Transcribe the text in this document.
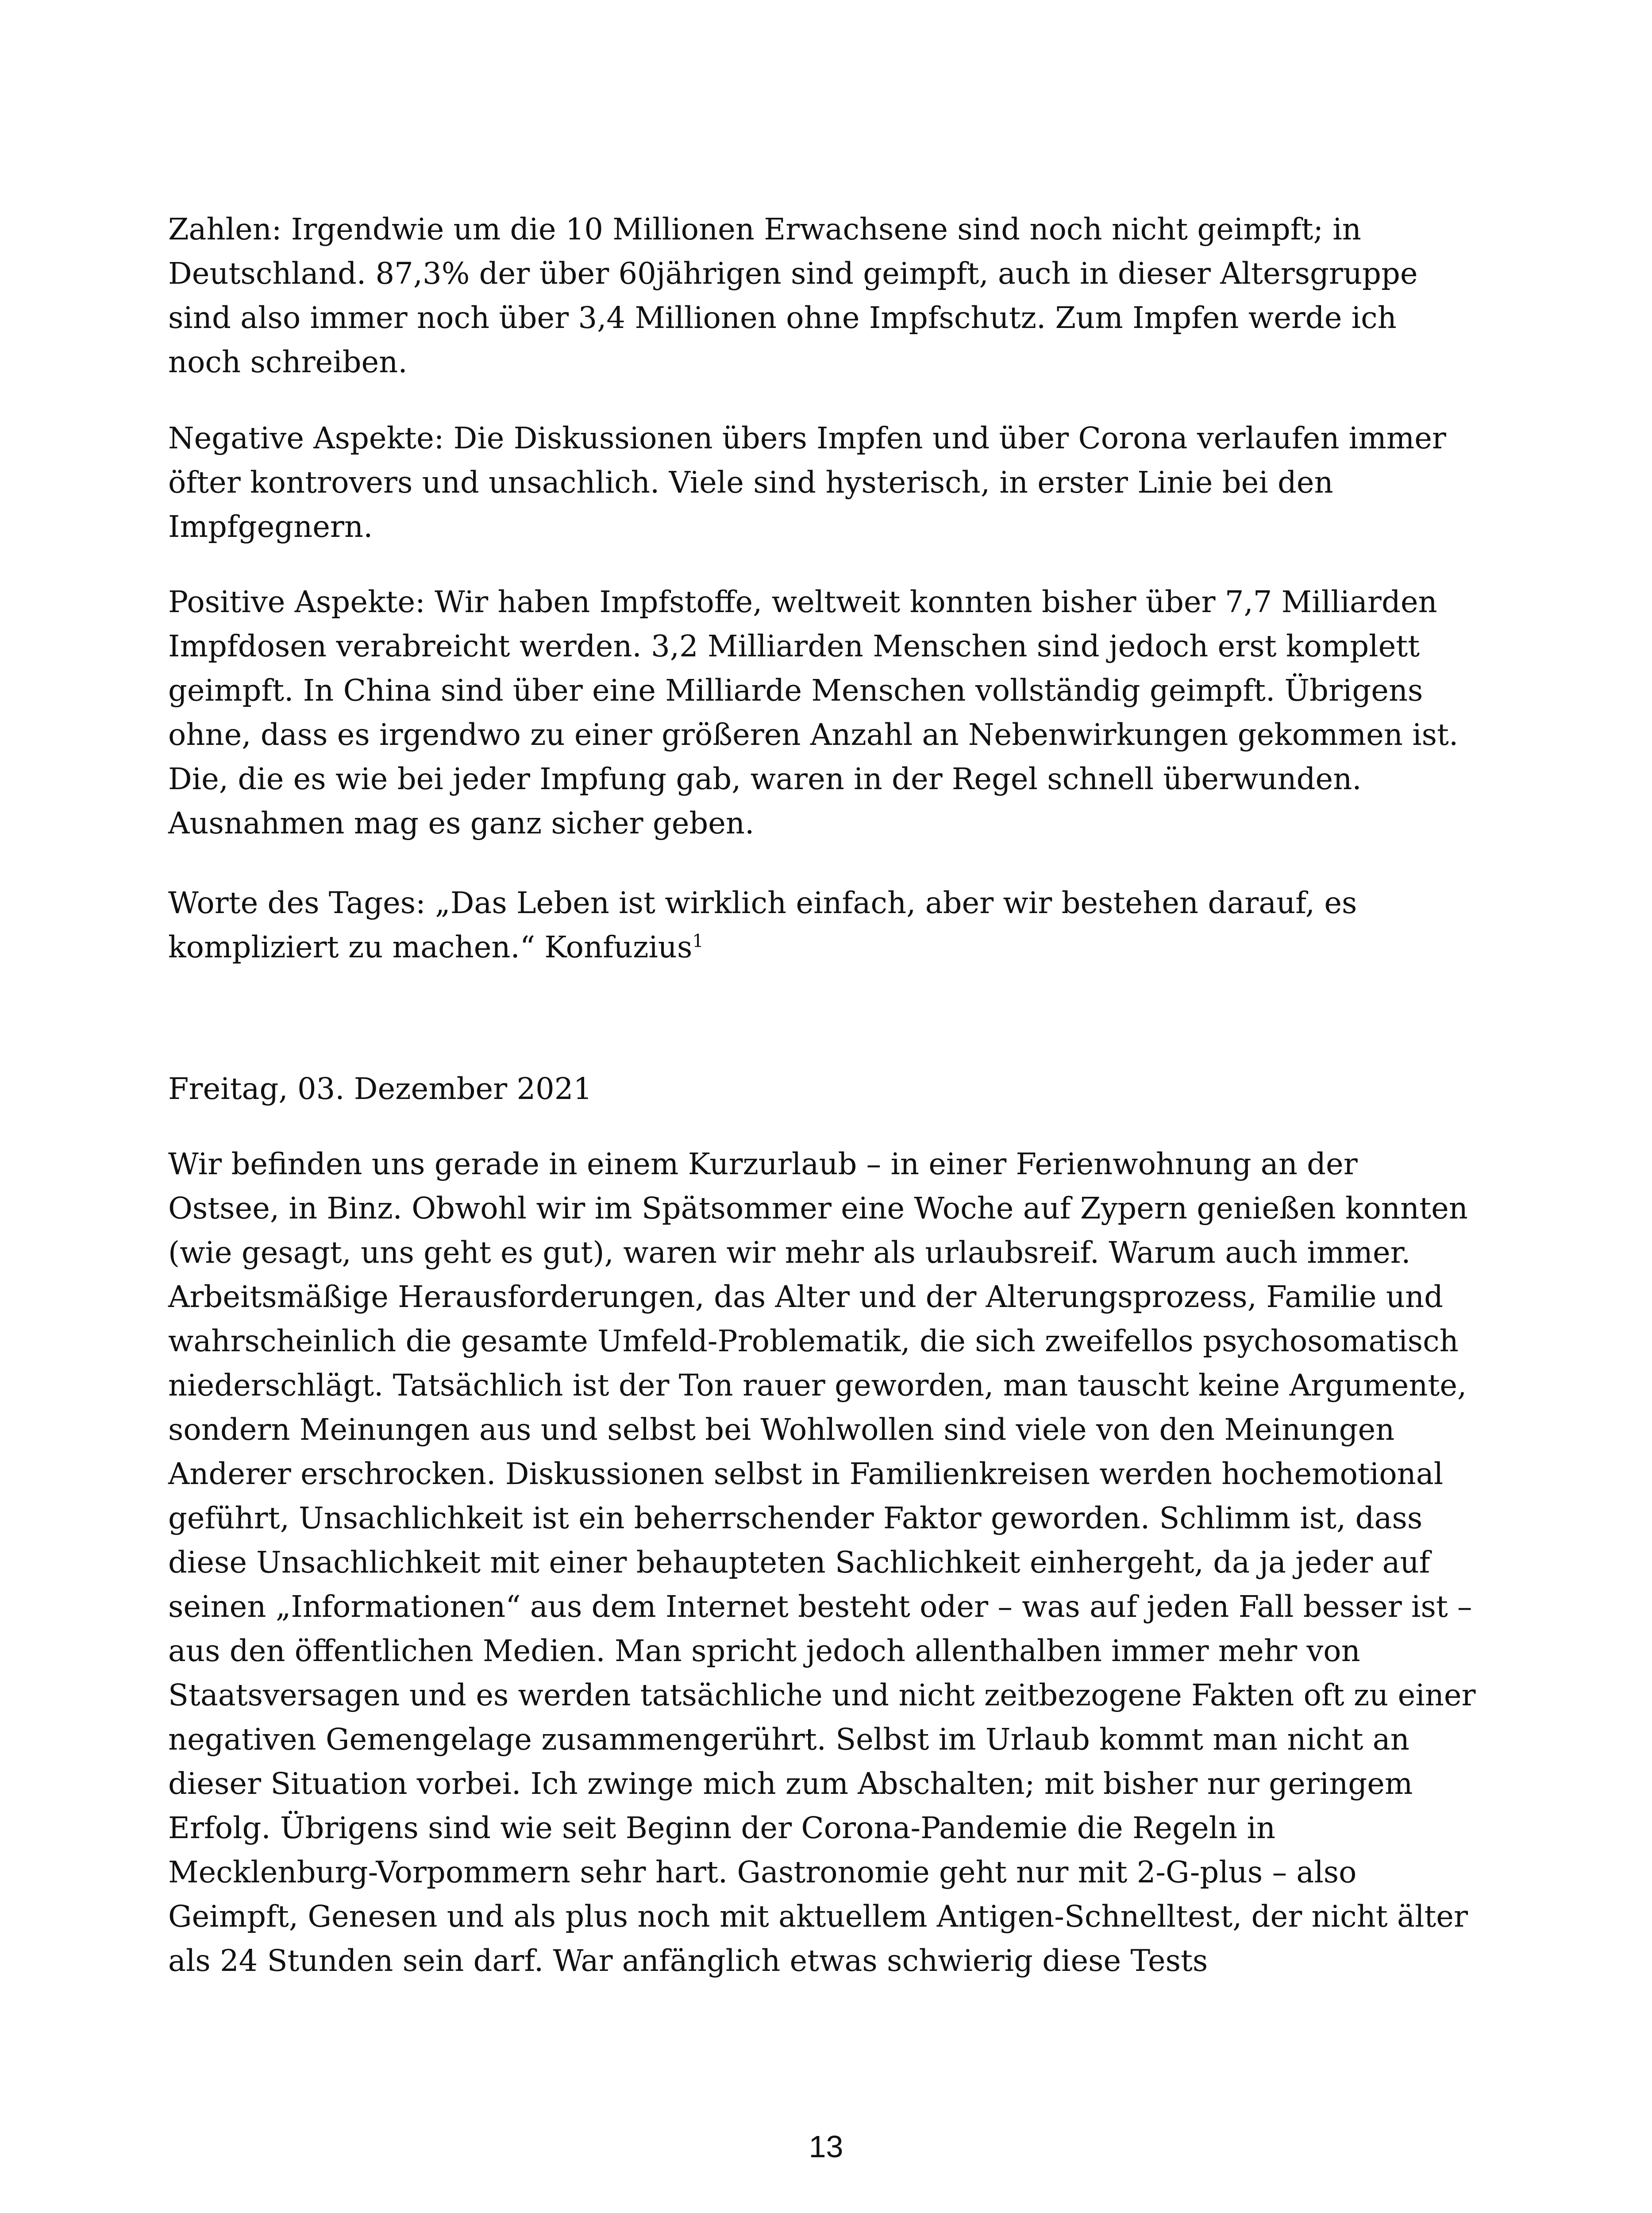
Zahlen: Irgendwie um die 10 Millionen Erwachsene sind noch nicht geimpft; in Deutschland. 87,3% der über 60jährigen sind geimpft, auch in dieser Altersgruppe sind also immer noch über 3,4 Millionen ohne Impfschutz. Zum Impfen werde ich noch schreiben.

Negative Aspekte: Die Diskussionen übers Impfen und über Corona verlaufen immer öfter kontrovers und unsachlich. Viele sind hysterisch, in erster Linie bei den Impfgegnern.

Positive Aspekte: Wir haben Impfstoffe, weltweit konnten bisher über 7,7 Milliarden Impfdosen verabreicht werden. 3,2 Milliarden Menschen sind jedoch erst komplett geimpft. In China sind über eine Milliarde Menschen vollständig geimpft. Übrigens ohne, dass es irgendwo zu einer größeren Anzahl an Nebenwirkungen gekommen ist. Die, die es wie bei jeder Impfung gab, waren in der Regel schnell überwunden. Ausnahmen mag es ganz sicher geben.

Worte des Tages: „Das Leben ist wirklich einfach, aber wir bestehen darauf, es kompliziert zu machen.“ Konfuzius$^1$

Freitag, 03. Dezember 2021

Wir befinden uns gerade in einem Kurzurlaub – in einer Ferienwohnung an der Ostsee, in Binz. Obwohl wir im Spätsommer eine Woche auf Zypern genießen konnten (wie gesagt, uns geht es gut), waren wir mehr als urlaubsreif. Warum auch immer. Arbeitsmäßige Herausforderungen, das Alter und der Alterungsprozess, Familie und wahrscheinlich die gesamte Umfeld-Problematik, die sich zweifellos psychosomatisch niederschlägt. Tatsächlich ist der Ton rauer geworden, man tauscht keine Argumente, sondern Meinungen aus und selbst bei Wohlwollen sind viele von den Meinungen Anderer erschrocken. Diskussionen selbst in Familienkreisen werden hochemotional geführt, Unsachlichkeit ist ein beherrschender Faktor geworden. Schlimm ist, dass diese Unsachlichkeit mit einer behaupteten Sachlichkeit einhergeht, da ja jeder auf seinen „Informationen“ aus dem Internet besteht oder – was auf jeden Fall besser ist – aus den öffentlichen Medien. Man spricht jedoch allenthalben immer mehr von Staatsversagen und es werden tatsächliche und nicht zeitbezogene Fakten oft zu einer negativen Gemengelage zusammengerührt. Selbst im Urlaub kommt man nicht an dieser Situation vorbei. Ich zwinge mich zum Abschalten; mit bisher nur geringem Erfolg. Übrigens sind wie seit Beginn der Corona-Pandemie die Regeln in Mecklenburg-Vorpommern sehr hart. Gastronomie geht nur mit 2-G-plus – also Geimpft, Genesen und als plus noch mit aktuellem Antigen-Schnelltest, der nicht älter als 24 Stunden sein darf. War anfänglich etwas schwierig diese Tests

13
